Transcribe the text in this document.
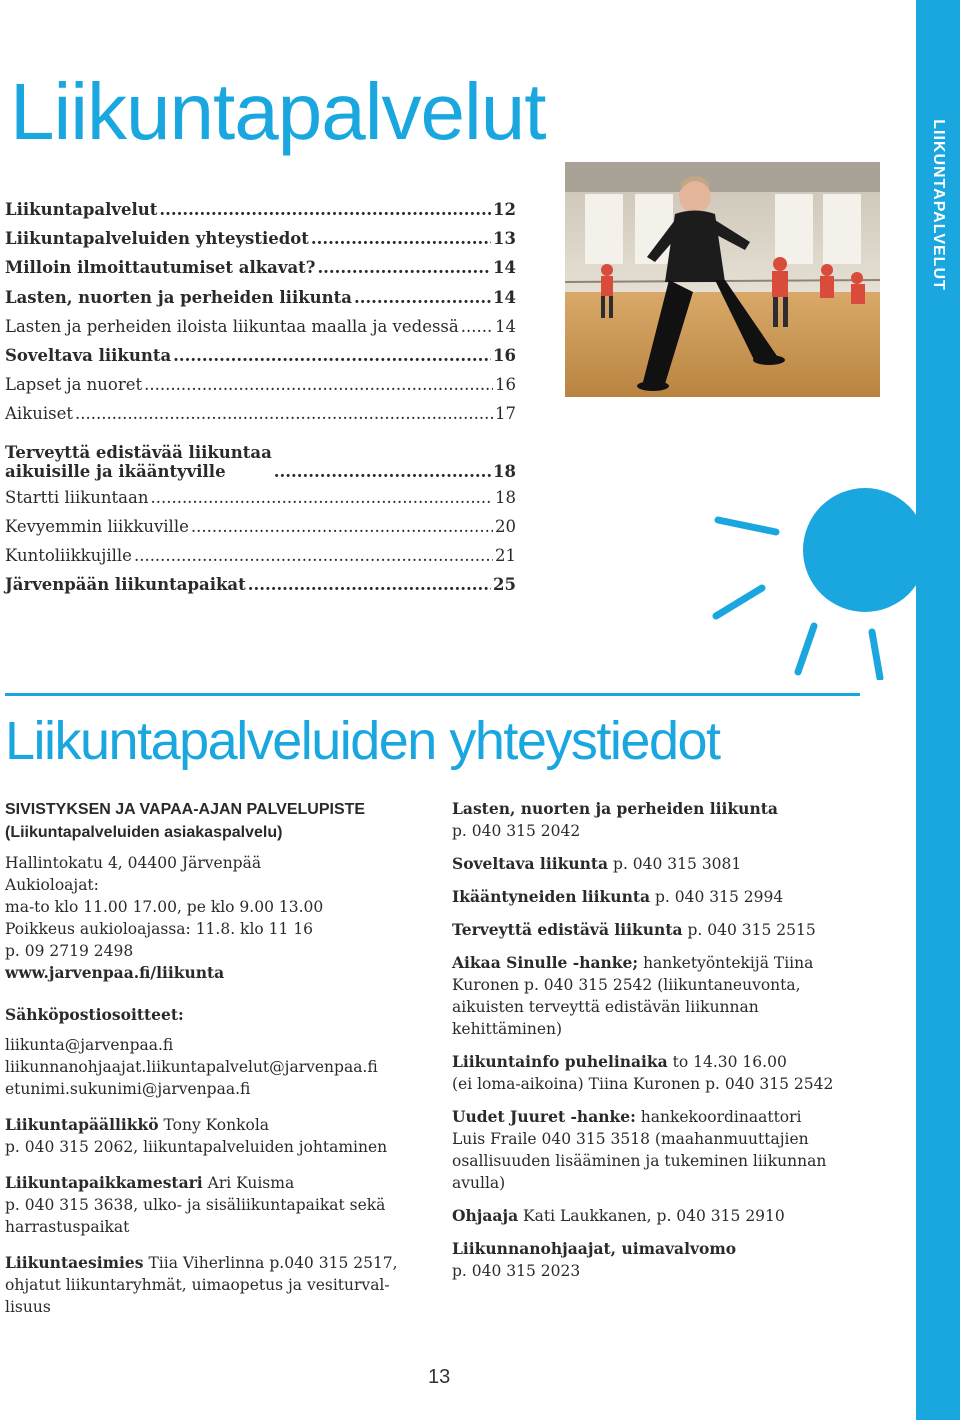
Liikuntapalvelut
Liikuntapalvelut .....	12
Liikuntapalveluiden yhteystiedot .....	13
Milloin ilmoittautumiset alkavat? .....	14
Lasten, nuorten ja perheiden liikunta .....	14
Lasten ja perheiden iloista liikuntaa maalla ja vedessä ..... 14
Soveltava liikunta .....	16
Lapset ja nuoret .....	16
Aikuiset .....	17
Terveyttä edistävää liikuntaa
aikuisille ja ikääntyville .....	18
Startti liikuntaan .....	18
Kevyemmin liikkuville .....	20
Kuntoliikkujille .....	21
Järvenpään liikuntapaikat .....	25
LIIKUNTAPALVELUT
Liikuntapalveluiden yhteystiedot

SIVISTYKSEN JA VAPAA-AJAN PALVELUPISTE

(Liikuntapalveluiden asiakaspalvelu)

Hallintokatu 4, 04400 Järvenpää

Aukioloajat:

ma-to klo 11.00 17.00, pe klo 9.00 13.00

Poikkeus aukioloajassa: 11.8. klo 11 16

p. 09 2719 2498

www.jarvenpaa.fi/liikunta

Sähköpostiosoitteet:

liikunta@jarvenpaa.fi

liikunnanohjaajat.liikuntapalvelut@jarvenpaa.fi

etunimi.sukunimi@jarvenpaa.fi

Liikuntapäällikkö Tony Konkola

p. 040 315 2062, liikuntapalveluiden johtaminen

Liikuntapaikkamestari Ari Kuisma

p. 040 315 3638, ulko- ja sisäliikuntapaikat sekä

harrastuspaikat

Liikuntaesimies Tiia Viherlinna p.040 315 2517,

ohjatut liikuntaryhmät, uimaopetus ja vesiturval-

lisuus

Lasten, nuorten ja perheiden liikunta
p. 040 315 2042

Soveltava liikunta p. 040 315 3081

Ikääntyneiden liikunta p. 040 315 2994

Terveyttä edistävä liikunta p. 040 315 2515

Aikaa Sinulle -hanke; hanketyöntekijä Tiina
Kuronen p. 040 315 2542 (liikuntaneuvonta,
aikuisten terveyttä edistävän liikunnan
kehittäminen)

Liikuntainfo puhelinaika to 14.30 16.00
(ei loma-aikoina) Tiina Kuronen p. 040 315 2542

Uudet Juuret -hanke: hankekoordinaattori
Luis Fraile 040 315 3518 (maahanmuuttajien
osallisuuden lisääminen ja tukeminen liikunnan
avulla)

Ohjaaja Kati Laukkanen, p. 040 315 2910

Liikunnanohjaajat, uimavalvomo
p. 040 315 2023

13
